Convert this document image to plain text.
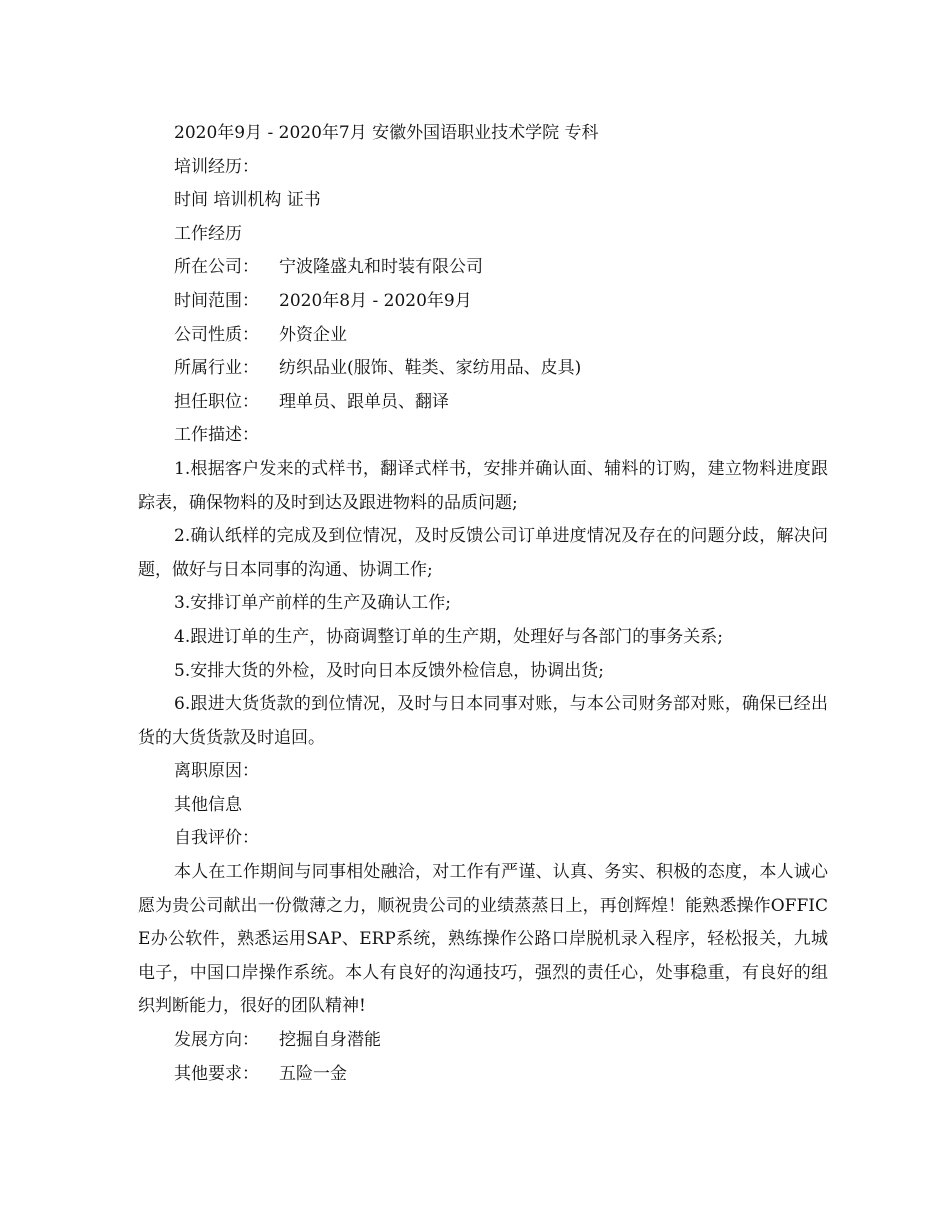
2020年9月 - 2020年7月 安徽外国语职业技术学院 专科

培训经历：

时间 培训机构 证书

工作经历

所在公司： 宁波隆盛丸和时装有限公司

时间范围： 2020年8月 - 2020年9月

公司性质： 外资企业

所属行业： 纺织品业(服饰、鞋类、家纺用品、皮具)

担任职位： 理单员、跟单员、翻译

工作描述：

1.根据客户发来的式样书，翻译式样书，安排并确认面、辅料的订购，建立物料进度跟踪表，确保物料的及时到达及跟进物料的品质问题;

2.确认纸样的完成及到位情况，及时反馈公司订单进度情况及存在的问题分歧，解决问题，做好与日本同事的沟通、协调工作;

3.安排订单产前样的生产及确认工作;

4.跟进订单的生产，协商调整订单的生产期，处理好与各部门的事务关系;

5.安排大货的外检，及时向日本反馈外检信息，协调出货;

6.跟进大货货款的到位情况，及时与日本同事对账，与本公司财务部对账，确保已经出货的大货货款及时追回。

离职原因：

其他信息

自我评价：

本人在工作期间与同事相处融洽，对工作有严谨、认真、务实、积极的态度，本人诚心愿为贵公司献出一份微薄之力，顺祝贵公司的业绩蒸蒸日上，再创辉煌！能熟悉操作OFFICE办公软件，熟悉运用SAP、ERP系统，熟练操作公路口岸脱机录入程序，轻松报关，九城电子，中国口岸操作系统。本人有良好的沟通技巧，强烈的责任心，处事稳重，有良好的组织判断能力，很好的团队精神!

发展方向： 挖掘自身潜能

其他要求： 五险一金
